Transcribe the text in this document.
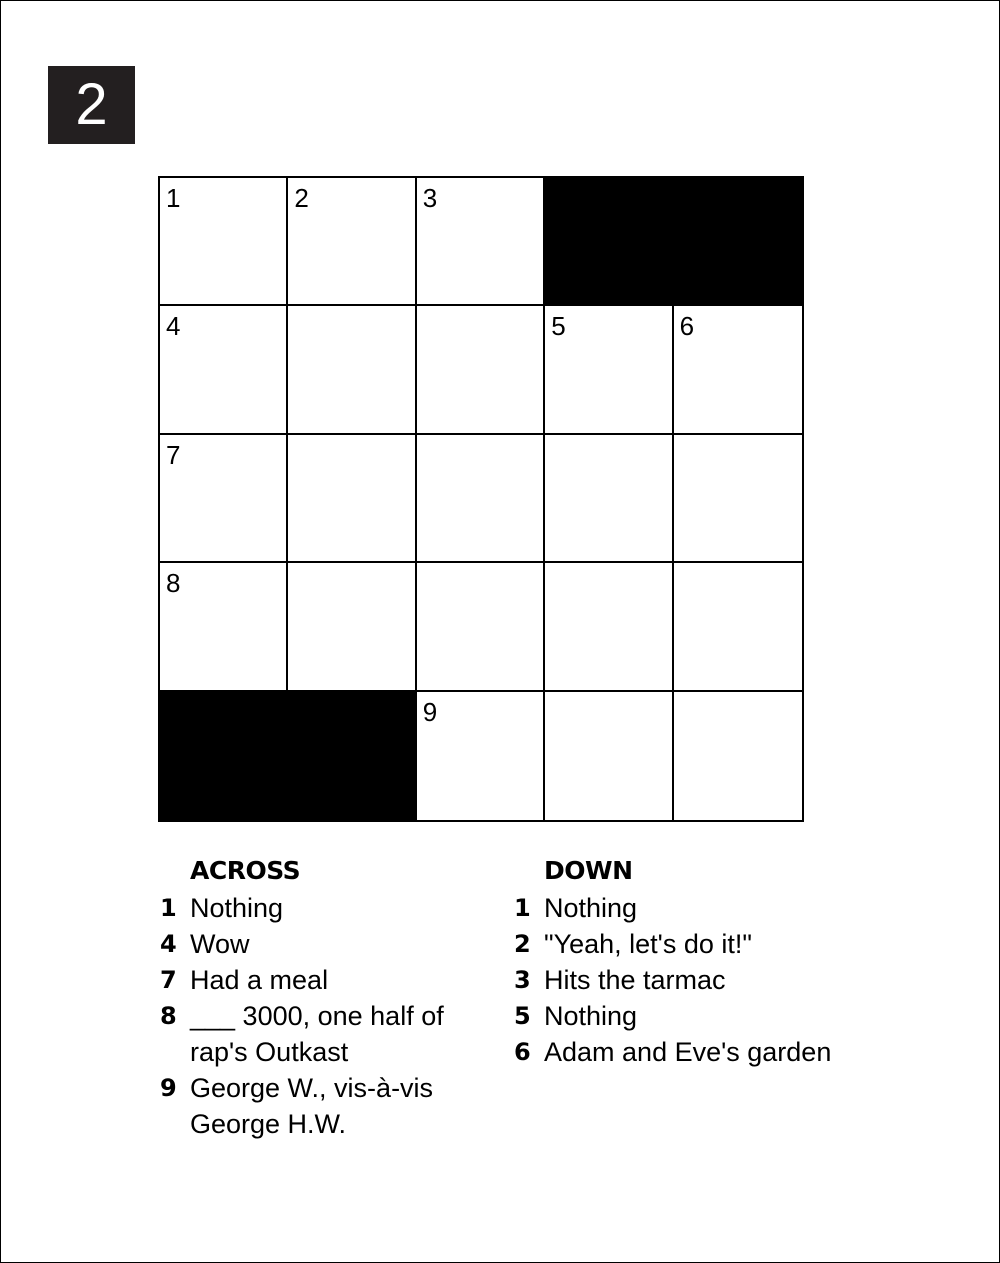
2
1	2	3
4	5	6
7
8
9
ACROSS
1 Nothing
4 Wow
7 Had a meal
8 ___ 3000, one half of rap's Outkast
9 George W., vis-à-vis George H.W.
DOWN
1 Nothing
2 "Yeah, let's do it!"
3 Hits the tarmac
5 Nothing
6 Adam and Eve's garden
